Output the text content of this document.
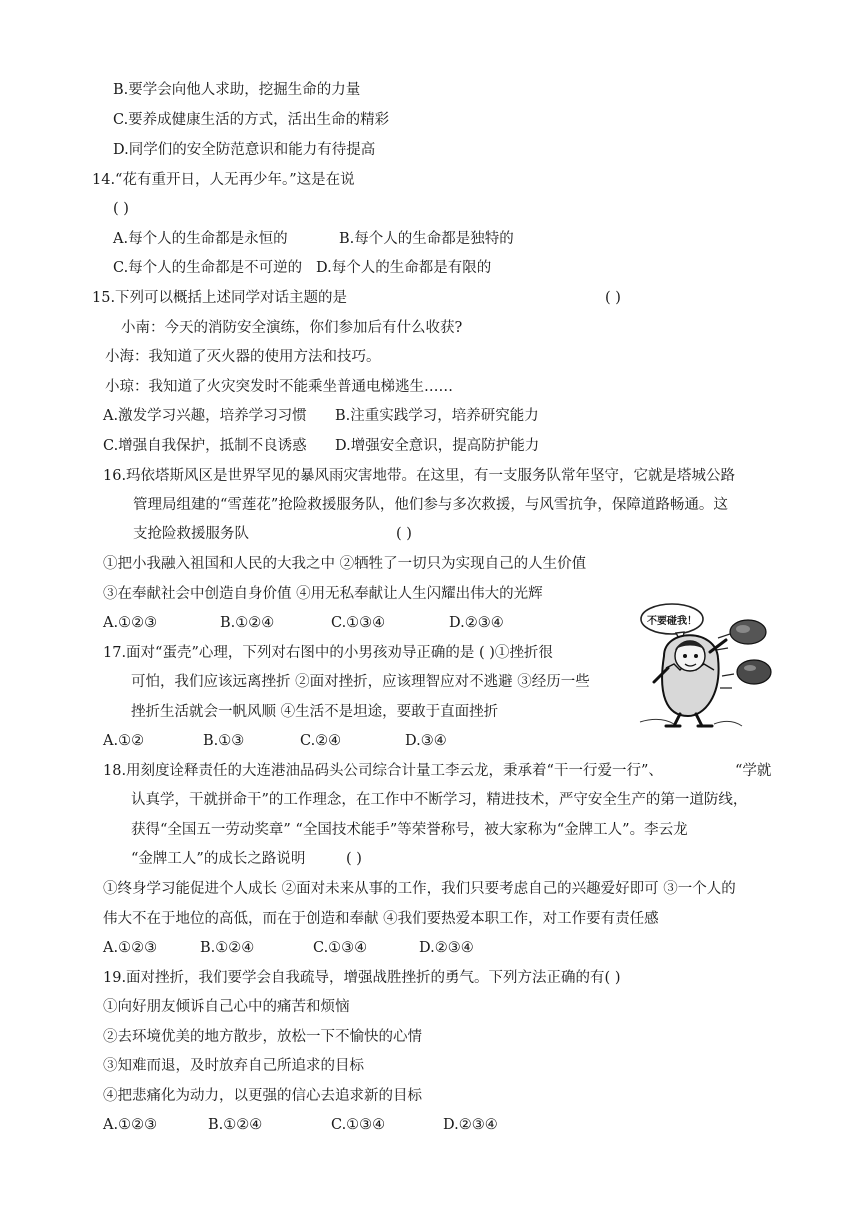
B.要学会向他人求助，挖掘生命的力量
C.要养成健康生活的方式，活出生命的精彩
D.同学们的安全防范意识和能力有待提高
14.“花有重开日，人无再少年。”这是在说
( )
A.每个人的生命都是永恒的	B.每个人的生命都是独特的
C.每个人的生命都是不可逆的 D.每个人的生命都是有限的
15.下列可以概括上述同学对话主题的是	( )
小南：今天的消防安全演练，你们参加后有什么收获?
小海：我知道了灭火器的使用方法和技巧。
小琼：我知道了火灾突发时不能乘坐普通电梯逃生……
A.激发学习兴趣，培养学习习惯 B.注重实践学习，培养研究能力
C.增强自我保护，抵制不良诱惑 D.增强安全意识，提高防护能力
16.玛依塔斯风区是世界罕见的暴风雨灾害地带。在这里，有一支服务队常年坚守，它就是塔城公路
管理局组建的“雪莲花”抢险救援服务队，他们参与多次救援，与风雪抗争，保障道路畅通。这
支抢险救援服务队	( )
①把小我融入祖国和人民的大我之中 ②牺牲了一切只为实现自己的人生价值
③在奉献社会中创造自身价值 ④用无私奉献让人生闪耀出伟大的光辉
A.①②③	B.①②④	C.①③④	D.②③④
17.面对“蛋壳”心理，下列对右图中的小男孩劝导正确的是 ( )①挫折很
可怕，我们应该远离挫折 ②面对挫折，应该理智应对不逃避 ③经历一些
挫折生活就会一帆风顺 ④生活不是坦途，要敢于直面挫折
A.①②	B.①③	C.②④	D.③④
不要碰我！
18.用刻度诠释责任的大连港油品码头公司综合计量工李云龙，秉承着“干一行爱一行”、	“学就
认真学，干就拼命干”的工作理念，在工作中不断学习，精进技术，严守安全生产的第一道防线，
获得“全国五一劳动奖章” “全国技术能手”等荣誉称号，被大家称为“金牌工人”。李云龙
“金牌工人”的成长之路说明	( )
①终身学习能促进个人成长 ②面对未来从事的工作，我们只要考虑自己的兴趣爱好即可 ③一个人的
伟大不在于地位的高低，而在于创造和奉献 ④我们要热爱本职工作，对工作要有责任感
A.①②③	B.①②④	C.①③④	D.②③④
19.面对挫折，我们要学会自我疏导，增强战胜挫折的勇气。下列方法正确的有( )
①向好朋友倾诉自己心中的痛苦和烦恼
②去环境优美的地方散步，放松一下不愉快的心情
③知难而退，及时放弃自己所追求的目标
④把悲痛化为动力，以更强的信心去追求新的目标
A.①②③	B.①②④	C.①③④	D.②③④
